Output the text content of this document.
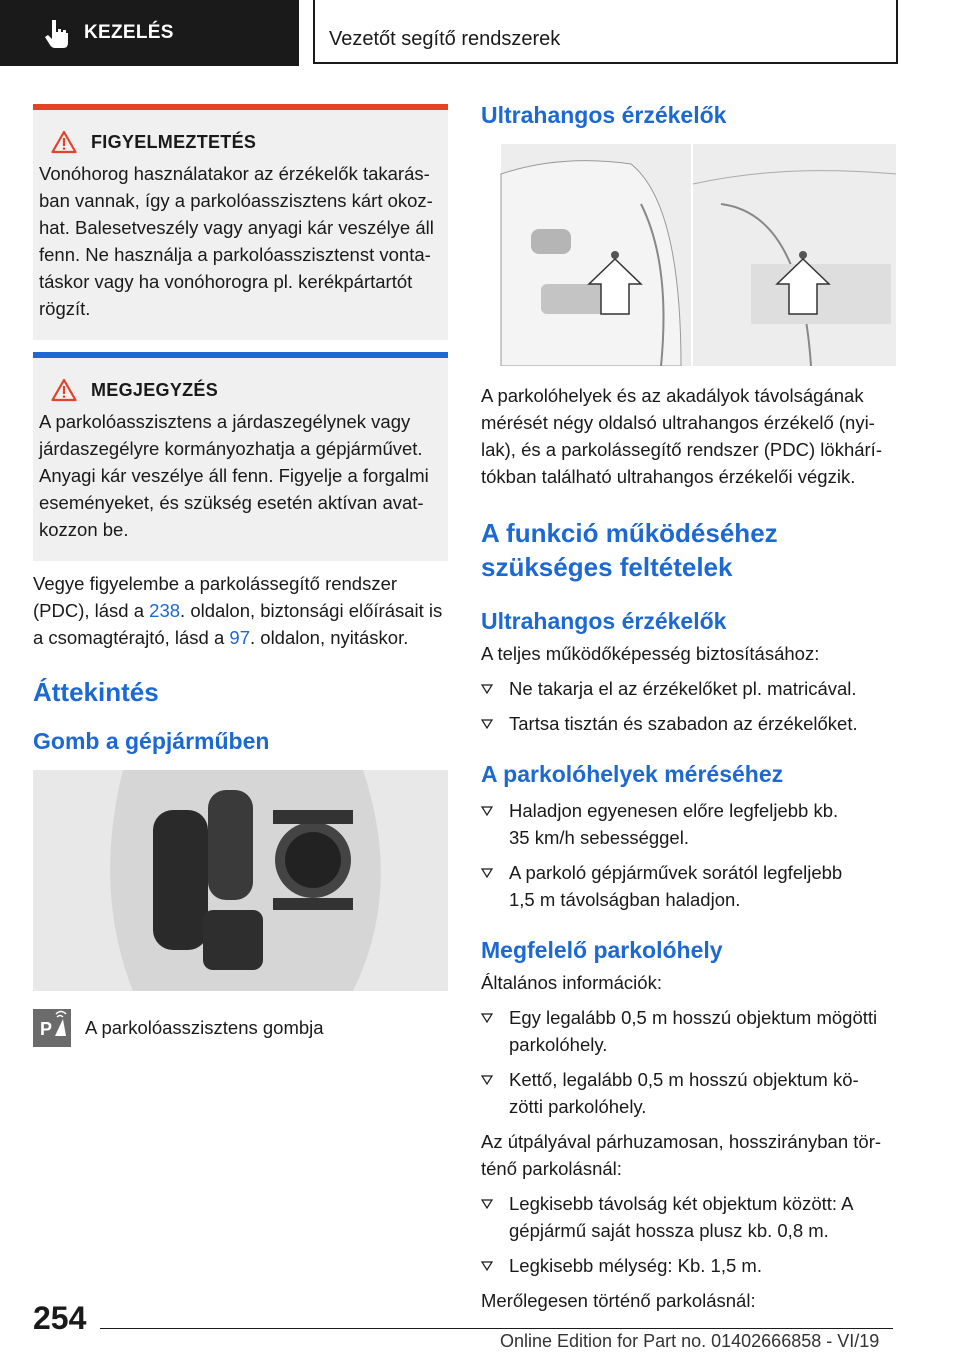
KEZELÉS	Vezetőt segítő rendszerek
FIGYELMEZTETÉS
Vonóhorog használatakor az érzékelők takarás-
ban vannak, így a parkolóasszisztens kárt okoz-
hat. Balesetveszély vagy anyagi kár veszélye áll
fenn. Ne használja a parkolóasszisztenst vonta-
táskor vagy ha vonóhorogra pl. kerékpártartót
rögzít.
MEGJEGYZÉS
A parkolóasszisztens a járdaszegélynek vagy
járdaszegélyre kormányozhatja a gépjárművet.
Anyagi kár veszélye áll fenn. Figyelje a forgalmi
eseményeket, és szükség esetén aktívan avat-
kozzon be.

Vegye figyelembe a parkolássegítő rendszer
(PDC), lásd a 238. oldalon, biztonsági előírásait is
a csomagtérajtó, lásd a 97. oldalon, nyitáskor.

Áttekintés
Gomb a gépjárműben
P A parkolóasszisztens gombja
Ultrahangos érzékelők

A parkolóhelyek és az akadályok távolságának
mérését négy oldalsó ultrahangos érzékelő (nyi-
lak), és a parkolássegítő rendszer (PDC) lökhárí-
tókban található ultrahangos érzékelői végzik.

A funkció működéséhez
szükséges feltételek
Ultrahangos érzékelők

A teljes működőképesség biztosításához:

Ne takarja el az érzékelőket pl. matricával.
Tartsa tisztán és szabadon az érzékelőket.
A parkolóhelyek méréséhez
Haladjon egyenesen előre legfeljebb kb.
35 km/h sebességgel.
A parkoló gépjárművek sorától legfeljebb
1,5 m távolságban haladjon.
Megfelelő parkolóhely

Általános információk:

Egy legalább 0,5 m hosszú objektum mögötti
parkolóhely.
Kettő, legalább 0,5 m hosszú objektum kö-
zötti parkolóhely.

Az útpályával párhuzamosan, hosszirányban tör-
ténő parkolásnál:

Legkisebb távolság két objektum között: A
gépjármű saját hossza plusz kb. 0,8 m.
Legkisebb mélység: Kb. 1,5 m.

Merőlegesen történő parkolásnál:

254
Online Edition for Part no. 01402666858 - VI/19
